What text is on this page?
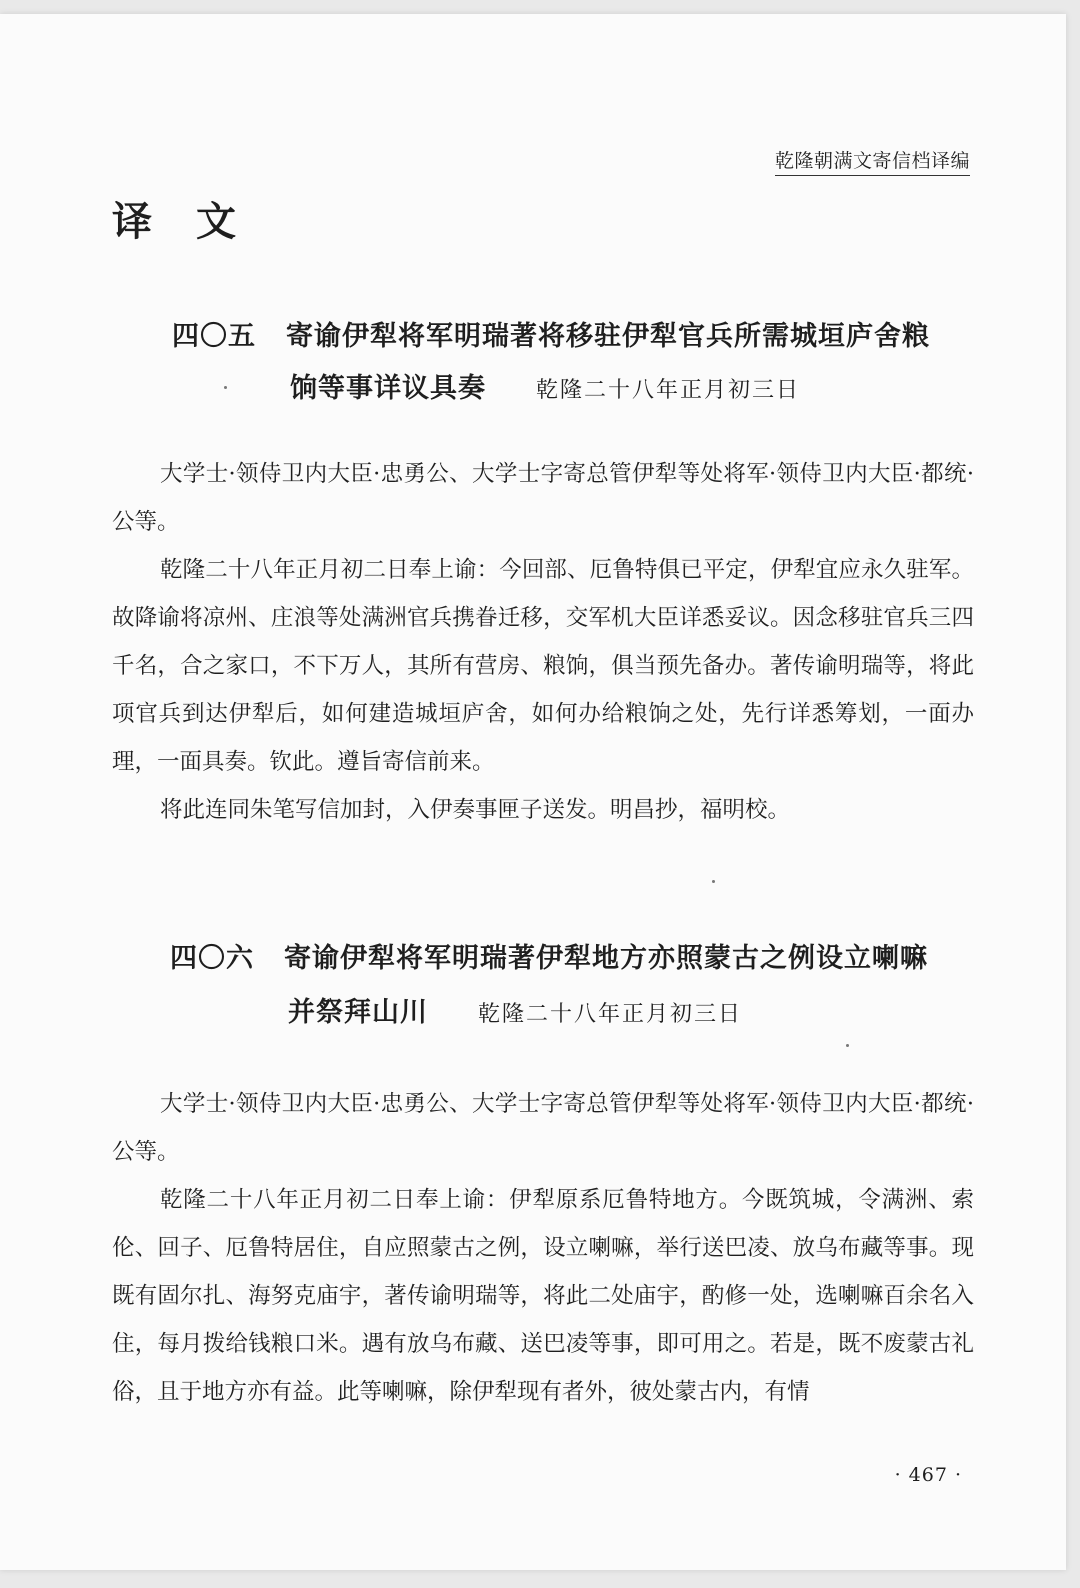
乾隆朝满文寄信档译编
译文
四〇五 寄谕伊犁将军明瑞著将移驻伊犁官兵所需城垣庐舍粮
饷等事详议具奏 乾隆二十八年正月初三日

大学士·领侍卫内大臣·忠勇公、大学士字寄总管伊犁等处将军·领侍卫内大臣·都统·公等。

乾隆二十八年正月初二日奉上谕：今回部、厄鲁特俱已平定，伊犁宜应永久驻军。故降谕将凉州、庄浪等处满洲官兵携眷迁移，交军机大臣详悉妥议。因念移驻官兵三四千名，合之家口，不下万人，其所有营房、粮饷，俱当预先备办。著传谕明瑞等，将此项官兵到达伊犁后，如何建造城垣庐舍，如何办给粮饷之处，先行详悉筹划，一面办理，一面具奏。钦此。遵旨寄信前来。

将此连同朱笔写信加封，入伊奏事匣子送发。明昌抄，福明校。

四〇六 寄谕伊犁将军明瑞著伊犁地方亦照蒙古之例设立喇嘛
并祭拜山川 乾隆二十八年正月初三日

大学士·领侍卫内大臣·忠勇公、大学士字寄总管伊犁等处将军·领侍卫内大臣·都统·公等。

乾隆二十八年正月初二日奉上谕：伊犁原系厄鲁特地方。今既筑城，令满洲、索伦、回子、厄鲁特居住，自应照蒙古之例，设立喇嘛，举行送巴凌、放乌布藏等事。现既有固尔扎、海努克庙宇，著传谕明瑞等，将此二处庙宇，酌修一处，选喇嘛百余名入住，每月拨给钱粮口米。遇有放乌布藏、送巴凌等事，即可用之。若是，既不废蒙古礼俗，且于地方亦有益。此等喇嘛，除伊犁现有者外，彼处蒙古内，有情

· 467 ·
